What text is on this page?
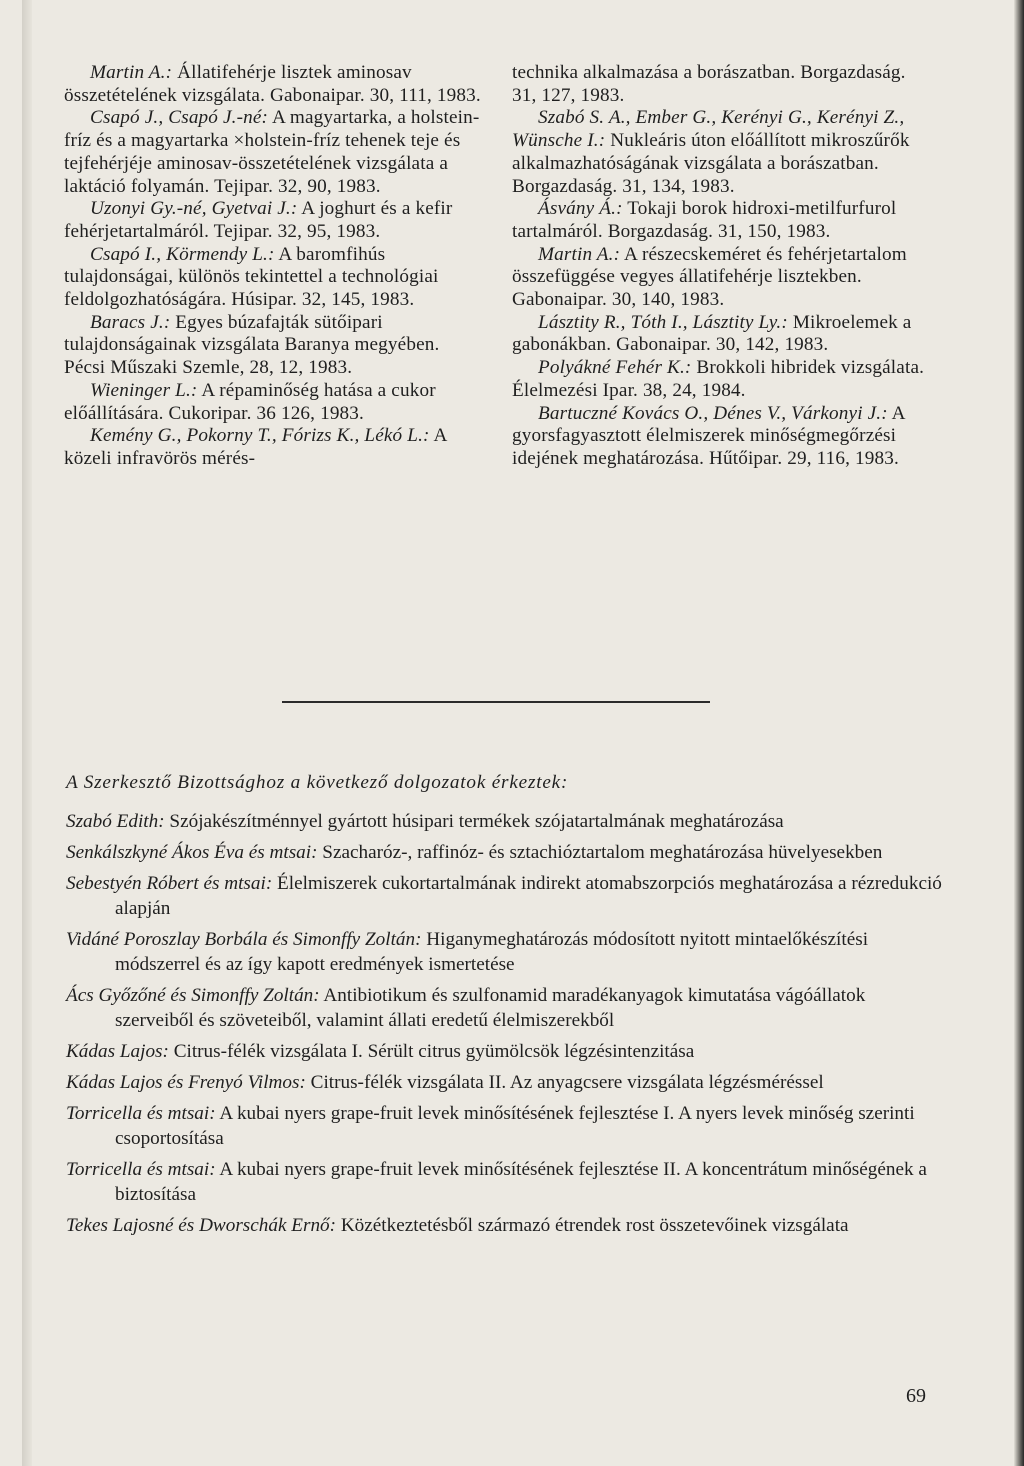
Martin A.: Állatifehérje lisztek aminosav összetételének vizsgálata. Gabonaipar. 30, 111, 1983.

Csapó J., Csapó J.-né: A magyartarka, a holstein-fríz és a magyartarka ×holstein-fríz tehenek teje és tejfehérjéje aminosav-összetételének vizsgálata a laktáció folyamán. Tejipar. 32, 90, 1983.

Uzonyi Gy.-né, Gyetvai J.: A joghurt és a kefir fehérjetartalmáról. Tejipar. 32, 95, 1983.

Csapó I., Körmendy L.: A baromfihús tulajdonságai, különös tekintettel a technológiai feldolgozhatóságára. Húsipar. 32, 145, 1983.

Baracs J.: Egyes búzafajták sütőipari tulajdonságainak vizsgálata Baranya megyében. Pécsi Műszaki Szemle, 28, 12, 1983.

Wieninger L.: A répaminőség hatása a cukor előállítására. Cukoripar. 36 126, 1983.

Kemény G., Pokorny T., Fórizs K., Lékó L.: A közeli infravörös mérés-

technika alkalmazása a borászatban. Borgazdaság. 31, 127, 1983.

Szabó S. A., Ember G., Kerényi G., Kerényi Z., Wünsche I.: Nukleáris úton előállított mikroszűrők alkalmazhatóságának vizsgálata a borászatban. Borgazdaság. 31, 134, 1983.

Ásvány Á.: Tokaji borok hidroxi-metilfurfurol tartalmáról. Borgazdaság. 31, 150, 1983.

Martin A.: A részecskeméret és fehérjetartalom összefüggése vegyes állatifehérje lisztekben. Gabonaipar. 30, 140, 1983.

Lásztity R., Tóth I., Lásztity Ly.: Mikroelemek a gabonákban. Gabonaipar. 30, 142, 1983.

Polyákné Fehér K.: Brokkoli hibridek vizsgálata. Élelmezési Ipar. 38, 24, 1984.

Bartuczné Kovács O., Dénes V., Várkonyi J.: A gyorsfagyasztott élelmiszerek minőségmegőrzési idejének meghatározása. Hűtőipar. 29, 116, 1983.

A Szerkesztő Bizottsághoz a következő dolgozatok érkeztek:

Szabó Edith: Szójakészítménnyel gyártott húsipari termékek szójatartalmának meghatározása

Senkálszkyné Ákos Éva és mtsai: Szacharóz-, raffinóz- és sztachióztartalom meghatározása hüvelyesekben

Sebestyén Róbert és mtsai: Élelmiszerek cukortartalmának indirekt atomabszorpciós meghatározása a rézredukció alapján

Vidáné Poroszlay Borbála és Simonffy Zoltán: Higanymeghatározás módosított nyitott mintaelőkészítési módszerrel és az így kapott eredmények ismertetése

Ács Győzőné és Simonffy Zoltán: Antibiotikum és szulfonamid maradékanyagok kimutatása vágóállatok szerveiből és szöveteiből, valamint állati eredetű élelmiszerekből

Kádas Lajos: Citrus-félék vizsgálata I. Sérült citrus gyümölcsök légzésintenzitása

Kádas Lajos és Frenyó Vilmos: Citrus-félék vizsgálata II. Az anyagcsere vizsgálata légzésméréssel

Torricella és mtsai: A kubai nyers grape-fruit levek minősítésének fejlesztése I. A nyers levek minőség szerinti csoportosítása

Torricella és mtsai: A kubai nyers grape-fruit levek minősítésének fejlesztése II. A koncentrátum minőségének a biztosítása

Tekes Lajosné és Dworschák Ernő: Közétkeztetésből származó étrendek rost összetevőinek vizsgálata

69
